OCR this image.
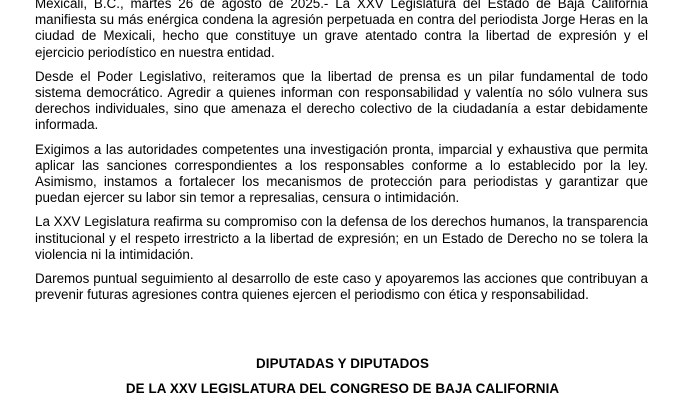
Mexicali, B.C., martes 26 de agosto de 2025.- La XXV Legislatura del Estado de Baja California manifiesta su más enérgica condena la agresión perpetuada en contra del periodista Jorge Heras en la ciudad de Mexicali, hecho que constituye un grave atentado contra la libertad de expresión y el ejercicio periodístico en nuestra entidad.

Desde el Poder Legislativo, reiteramos que la libertad de prensa es un pilar fundamental de todo sistema democrático. Agredir a quienes informan con responsabilidad y valentía no sólo vulnera sus derechos individuales, sino que amenaza el derecho colectivo de la ciudadanía a estar debidamente informada.

Exigimos a las autoridades competentes una investigación pronta, imparcial y exhaustiva que permita aplicar las sanciones correspondientes a los responsables conforme a lo establecido por la ley. Asimismo, instamos a fortalecer los mecanismos de protección para periodistas y garantizar que puedan ejercer su labor sin temor a represalias, censura o intimidación.

La XXV Legislatura reafirma su compromiso con la defensa de los derechos humanos, la transparencia institucional y el respeto irrestricto a la libertad de expresión; en un Estado de Derecho no se tolera la violencia ni la intimidación.

Daremos puntual seguimiento al desarrollo de este caso y apoyaremos las acciones que contribuyan a prevenir futuras agresiones contra quienes ejercen el periodismo con ética y responsabilidad.

DIPUTADAS Y DIPUTADOS
DE LA XXV LEGISLATURA DEL CONGRESO DE BAJA CALIFORNIA
